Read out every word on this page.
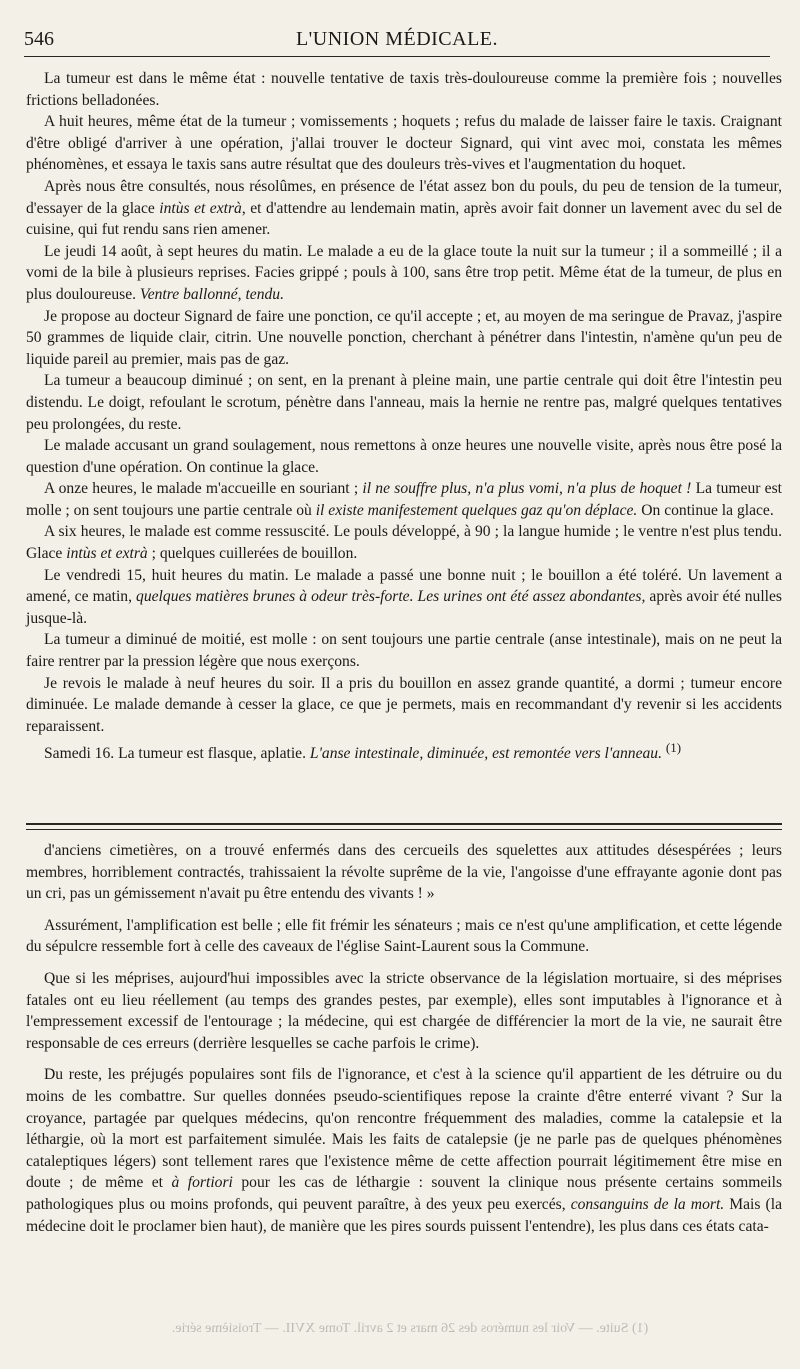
546	L'UNION MÉDICALE.

La tumeur est dans le même état : nouvelle tentative de taxis très-douloureuse comme la première fois ; nouvelles frictions belladonées.

A huit heures, même état de la tumeur ; vomissements ; hoquets ; refus du malade de laisser faire le taxis. Craignant d'être obligé d'arriver à une opération, j'allai trouver le docteur Signard, qui vint avec moi, constata les mêmes phénomènes, et essaya le taxis sans autre résultat que des douleurs très-vives et l'augmentation du hoquet.

Après nous être consultés, nous résolûmes, en présence de l'état assez bon du pouls, du peu de tension de la tumeur, d'essayer de la glace intùs et extrà, et d'attendre au lendemain matin, après avoir fait donner un lavement avec du sel de cuisine, qui fut rendu sans rien amener.

Le jeudi 14 août, à sept heures du matin. Le malade a eu de la glace toute la nuit sur la tumeur ; il a sommeillé ; il a vomi de la bile à plusieurs reprises. Facies grippé ; pouls à 100, sans être trop petit. Même état de la tumeur, de plus en plus douloureuse. Ventre ballonné, tendu.

Je propose au docteur Signard de faire une ponction, ce qu'il accepte ; et, au moyen de ma seringue de Pravaz, j'aspire 50 grammes de liquide clair, citrin. Une nouvelle ponction, cherchant à pénétrer dans l'intestin, n'amène qu'un peu de liquide pareil au premier, mais pas de gaz.

La tumeur a beaucoup diminué ; on sent, en la prenant à pleine main, une partie centrale qui doit être l'intestin peu distendu. Le doigt, refoulant le scrotum, pénètre dans l'anneau, mais la hernie ne rentre pas, malgré quelques tentatives peu prolongées, du reste.

Le malade accusant un grand soulagement, nous remettons à onze heures une nouvelle visite, après nous être posé la question d'une opération. On continue la glace.

A onze heures, le malade m'accueille en souriant ; il ne souffre plus, n'a plus vomi, n'a plus de hoquet ! La tumeur est molle ; on sent toujours une partie centrale où il existe manifestement quelques gaz qu'on déplace. On continue la glace.

A six heures, le malade est comme ressuscité. Le pouls développé, à 90 ; la langue humide ; le ventre n'est plus tendu. Glace intùs et extrà ; quelques cuillerées de bouillon.

Le vendredi 15, huit heures du matin. Le malade a passé une bonne nuit ; le bouillon a été toléré. Un lavement a amené, ce matin, quelques matières brunes à odeur très-forte. Les urines ont été assez abondantes, après avoir été nulles jusque-là.

La tumeur a diminué de moitié, est molle : on sent toujours une partie centrale (anse intestinale), mais on ne peut la faire rentrer par la pression légère que nous exerçons.

Je revois le malade à neuf heures du soir. Il a pris du bouillon en assez grande quantité, a dormi ; tumeur encore diminuée. Le malade demande à cesser la glace, ce que je permets, mais en recommandant d'y revenir si les accidents reparaissent.

Samedi 16. La tumeur est flasque, aplatie. L'anse intestinale, diminuée, est remontée vers l'anneau. $^{(1)}$

d'anciens cimetières, on a trouvé enfermés dans des cercueils des squelettes aux attitudes désespérées ; leurs membres, horriblement contractés, trahissaient la révolte suprême de la vie, l'angoisse d'une effrayante agonie dont pas un cri, pas un gémissement n'avait pu être entendu des vivants ! »

Assurément, l'amplification est belle ; elle fit frémir les sénateurs ; mais ce n'est qu'une amplification, et cette légende du sépulcre ressemble fort à celle des caveaux de l'église Saint-Laurent sous la Commune.

Que si les méprises, aujourd'hui impossibles avec la stricte observance de la législation mortuaire, si des méprises fatales ont eu lieu réellement (au temps des grandes pestes, par exemple), elles sont imputables à l'ignorance et à l'empressement excessif de l'entourage ; la médecine, qui est chargée de différencier la mort de la vie, ne saurait être responsable de ces erreurs (derrière lesquelles se cache parfois le crime).

Du reste, les préjugés populaires sont fils de l'ignorance, et c'est à la science qu'il appartient de les détruire ou du moins de les combattre. Sur quelles données pseudo-scientifiques repose la crainte d'être enterré vivant ? Sur la croyance, partagée par quelques médecins, qu'on rencontre fréquemment des maladies, comme la catalepsie et la léthargie, où la mort est parfaitement simulée. Mais les faits de catalepsie (je ne parle pas de quelques phénomènes cataleptiques légers) sont tellement rares que l'existence même de cette affection pourrait légitimement être mise en doute ; de même et à fortiori pour les cas de léthargie : souvent la clinique nous présente certains sommeils pathologiques plus ou moins profonds, qui peuvent paraître, à des yeux peu exercés, consanguins de la mort. Mais (la médecine doit le proclamer bien haut), de manière que les pires sourds puissent l'entendre), les plus dans ces états cata-

(1) Suite. — Voir les numéros des 26 mars et 2 avril. Tome XVII. — Troisième série.
